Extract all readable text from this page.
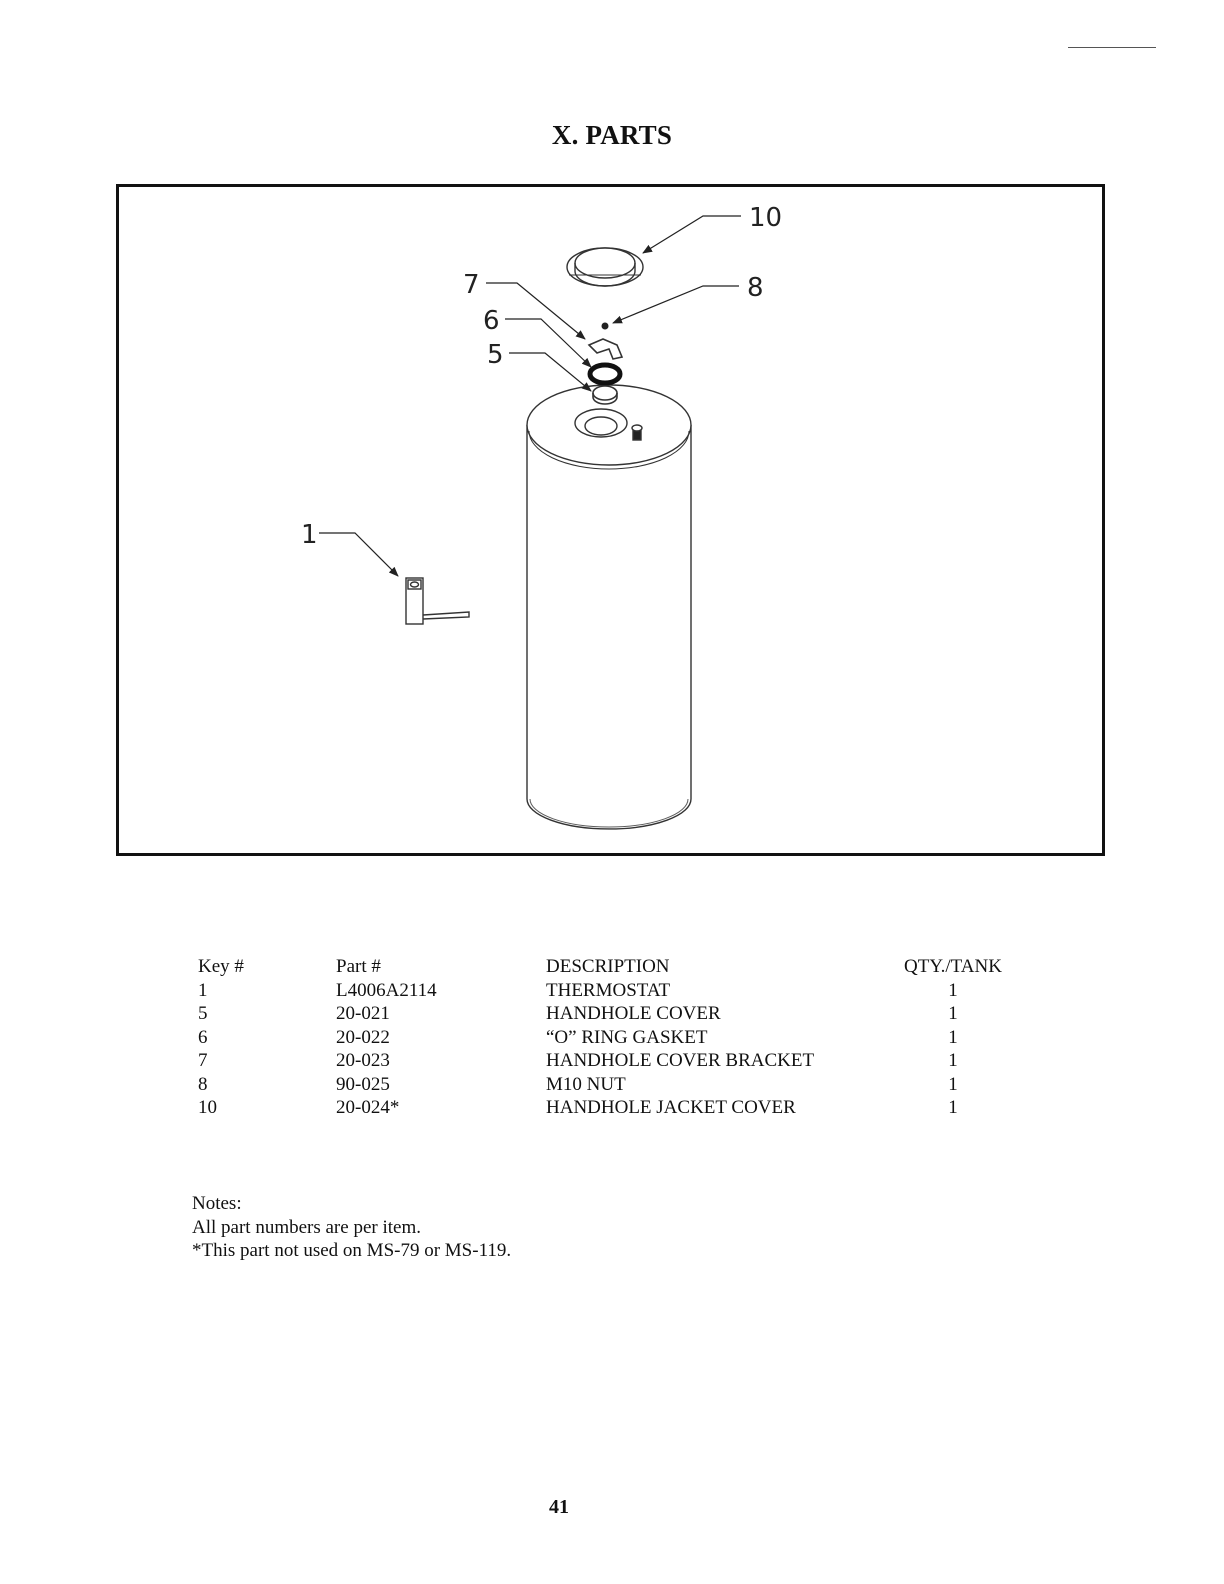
X. PARTS
10
8
7
6
5
1
Key #	Part #	DESCRIPTION	QTY./TANK
1	L4006A2114	THERMOSTAT	1
5	20-021	HANDHOLE COVER	1
6	20-022	“O” RING GASKET	1
7	20-023	HANDHOLE COVER BRACKET	1
8	90-025	M10 NUT	1
10	20-024*	HANDHOLE JACKET COVER	1
Notes:
All part numbers are per item.
*This part not used on MS-79 or MS-119.
41
